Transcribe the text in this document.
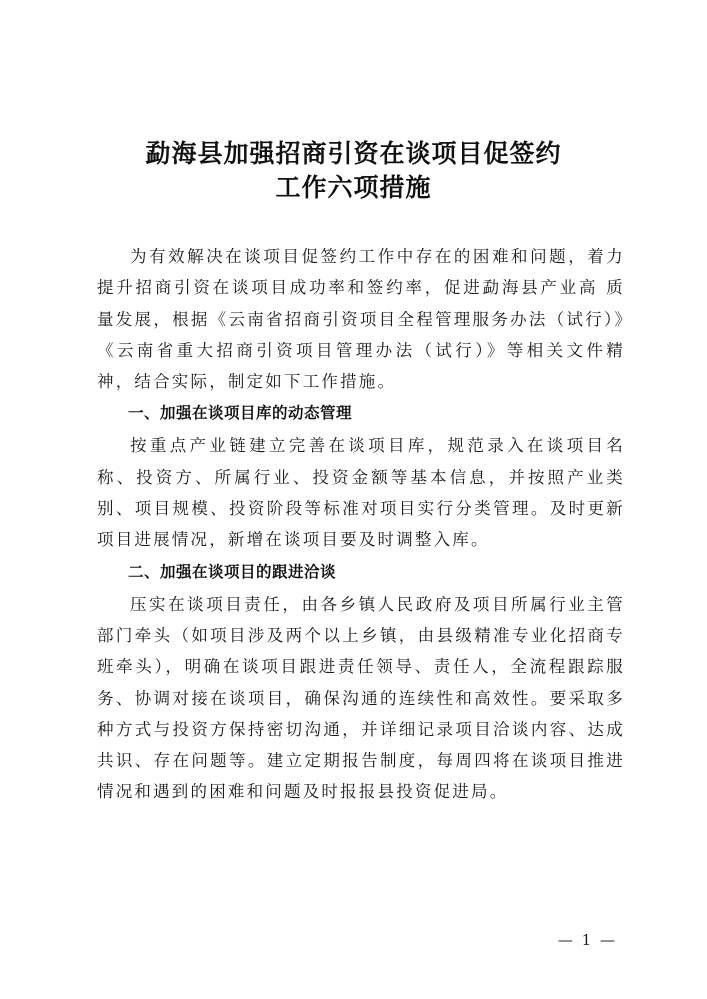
勐海县加强招商引资在谈项目促签约
工作六项措施

为有效解决在谈项目促签约工作中存在的困难和问题，着力提升招商引资在谈项目成功率和签约率，促进勐海县产业高 质量发展，根据《云南省招商引资项目全程管理服务办法（试行）》《云南省重大招商引资项目管理办法（试行）》等相关文件精神，结合实际，制定如下工作措施。

一、加强在谈项目库的动态管理

按重点产业链建立完善在谈项目库，规范录入在谈项目名称、投资方、所属行业、投资金额等基本信息，并按照产业类别、项目规模、投资阶段等标准对项目实行分类管理。及时更新项目进展情况，新增在谈项目要及时调整入库。

二、加强在谈项目的跟进洽谈

压实在谈项目责任，由各乡镇人民政府及项目所属行业主管部门牵头（如项目涉及两个以上乡镇，由县级精准专业化招商专班牵头），明确在谈项目跟进责任领导、责任人，全流程跟踪服务、协调对接在谈项目，确保沟通的连续性和高效性。要采取多种方式与投资方保持密切沟通，并详细记录项目洽谈内容、达成共识、存在问题等。建立定期报告制度，每周四将在谈项目推进情况和遇到的困难和问题及时报报县投资促进局。

— 1 —
